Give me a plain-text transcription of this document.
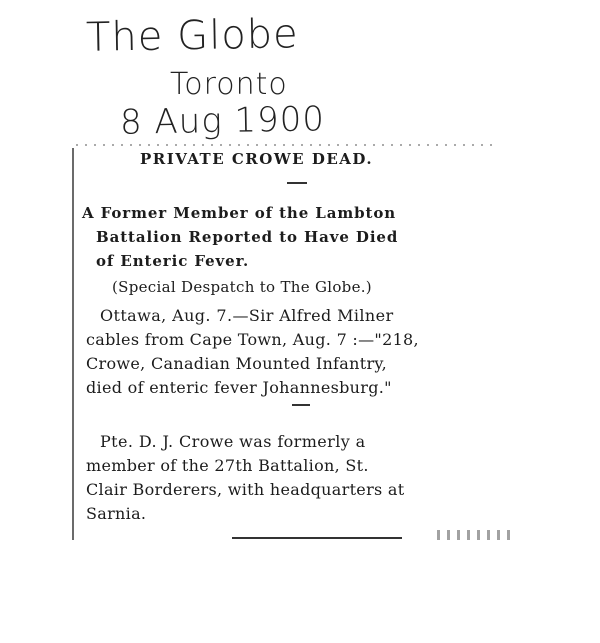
The Globe
Toronto
8 Aug 1900
PRIVATE CROWE DEAD.
A Former Member of the Lambton
Battalion Reported to Have Died
of Enteric Fever.
(Special Despatch to The Globe.)
Ottawa, Aug. 7.—Sir Alfred Milner
cables from Cape Town, Aug. 7 :—"218,
Crowe, Canadian Mounted Infantry,
died of enteric fever Johannesburg."
Pte. D. J. Crowe was formerly a
member of the 27th Battalion, St.
Clair Borderers, with headquarters at
Sarnia.
